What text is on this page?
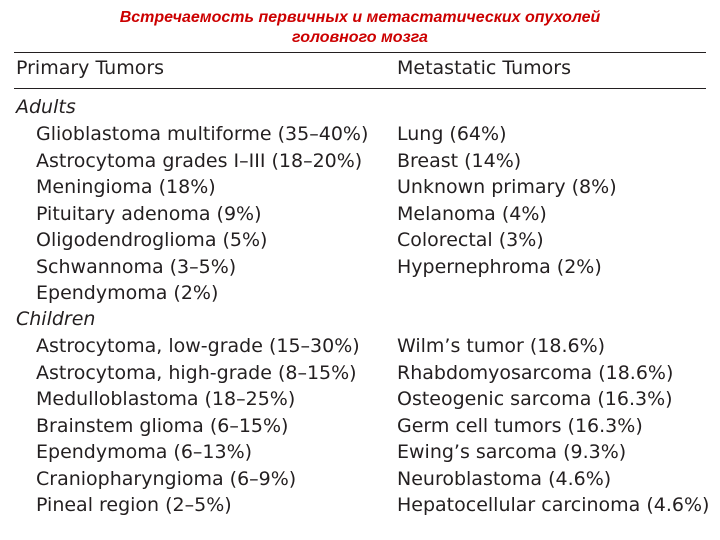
Встречаемость первичных и метастатических опухолей
головного мозга
Primary Tumors	Metastatic Tumors
Adults
Glioblastoma multiforme (35–40%)
Astrocytoma grades I–III (18–20%)
Meningioma (18%)
Pituitary adenoma (9%)
Oligodendroglioma (5%)
Schwannoma (3–5%)
Ependymoma (2%)
Lung (64%)
Breast (14%)
Unknown primary (8%)
Melanoma (4%)
Colorectal (3%)
Hypernephroma (2%)
Children
Astrocytoma, low-grade (15–30%)
Astrocytoma, high-grade (8–15%)
Medulloblastoma (18–25%)
Brainstem glioma (6–15%)
Ependymoma (6–13%)
Craniopharyngioma (6–9%)
Pineal region (2–5%)
Wilm’s tumor (18.6%)
Rhabdomyosarcoma (18.6%)
Osteogenic sarcoma (16.3%)
Germ cell tumors (16.3%)
Ewing’s sarcoma (9.3%)
Neuroblastoma (4.6%)
Hepatocellular carcinoma (4.6%)
